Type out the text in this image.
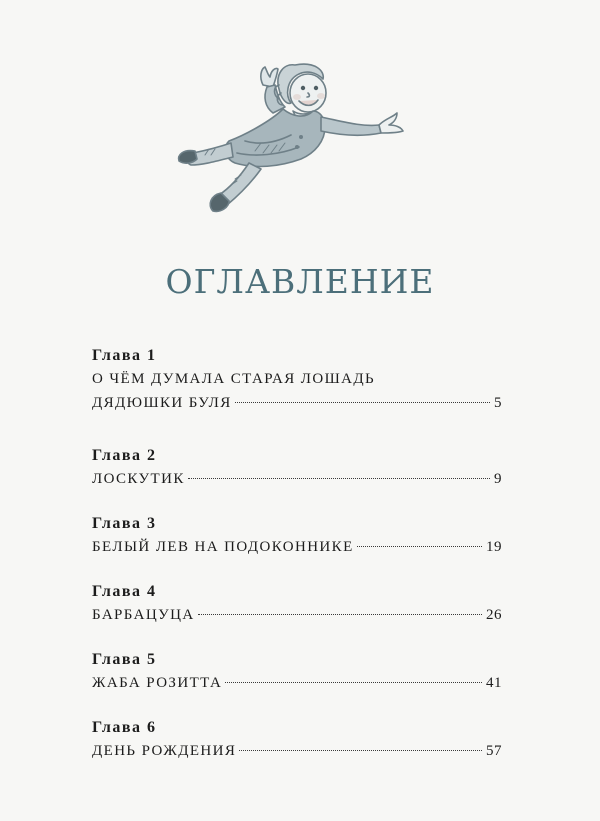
ОГЛАВЛЕНИЕ
Глава 1
О ЧЁМ ДУМАЛА СТАРАЯ ЛОШАДЬ
ДЯДЮШКИ БУЛЯ	5
Глава 2
ЛОСКУТИК	9
Глава 3
БЕЛЫЙ ЛЕВ НА ПОДОКОННИКЕ	19
Глава 4
БАРБАЦУЦА	26
Глава 5
ЖАБА РОЗИТТА	41
Глава 6
ДЕНЬ РОЖДЕНИЯ	57
